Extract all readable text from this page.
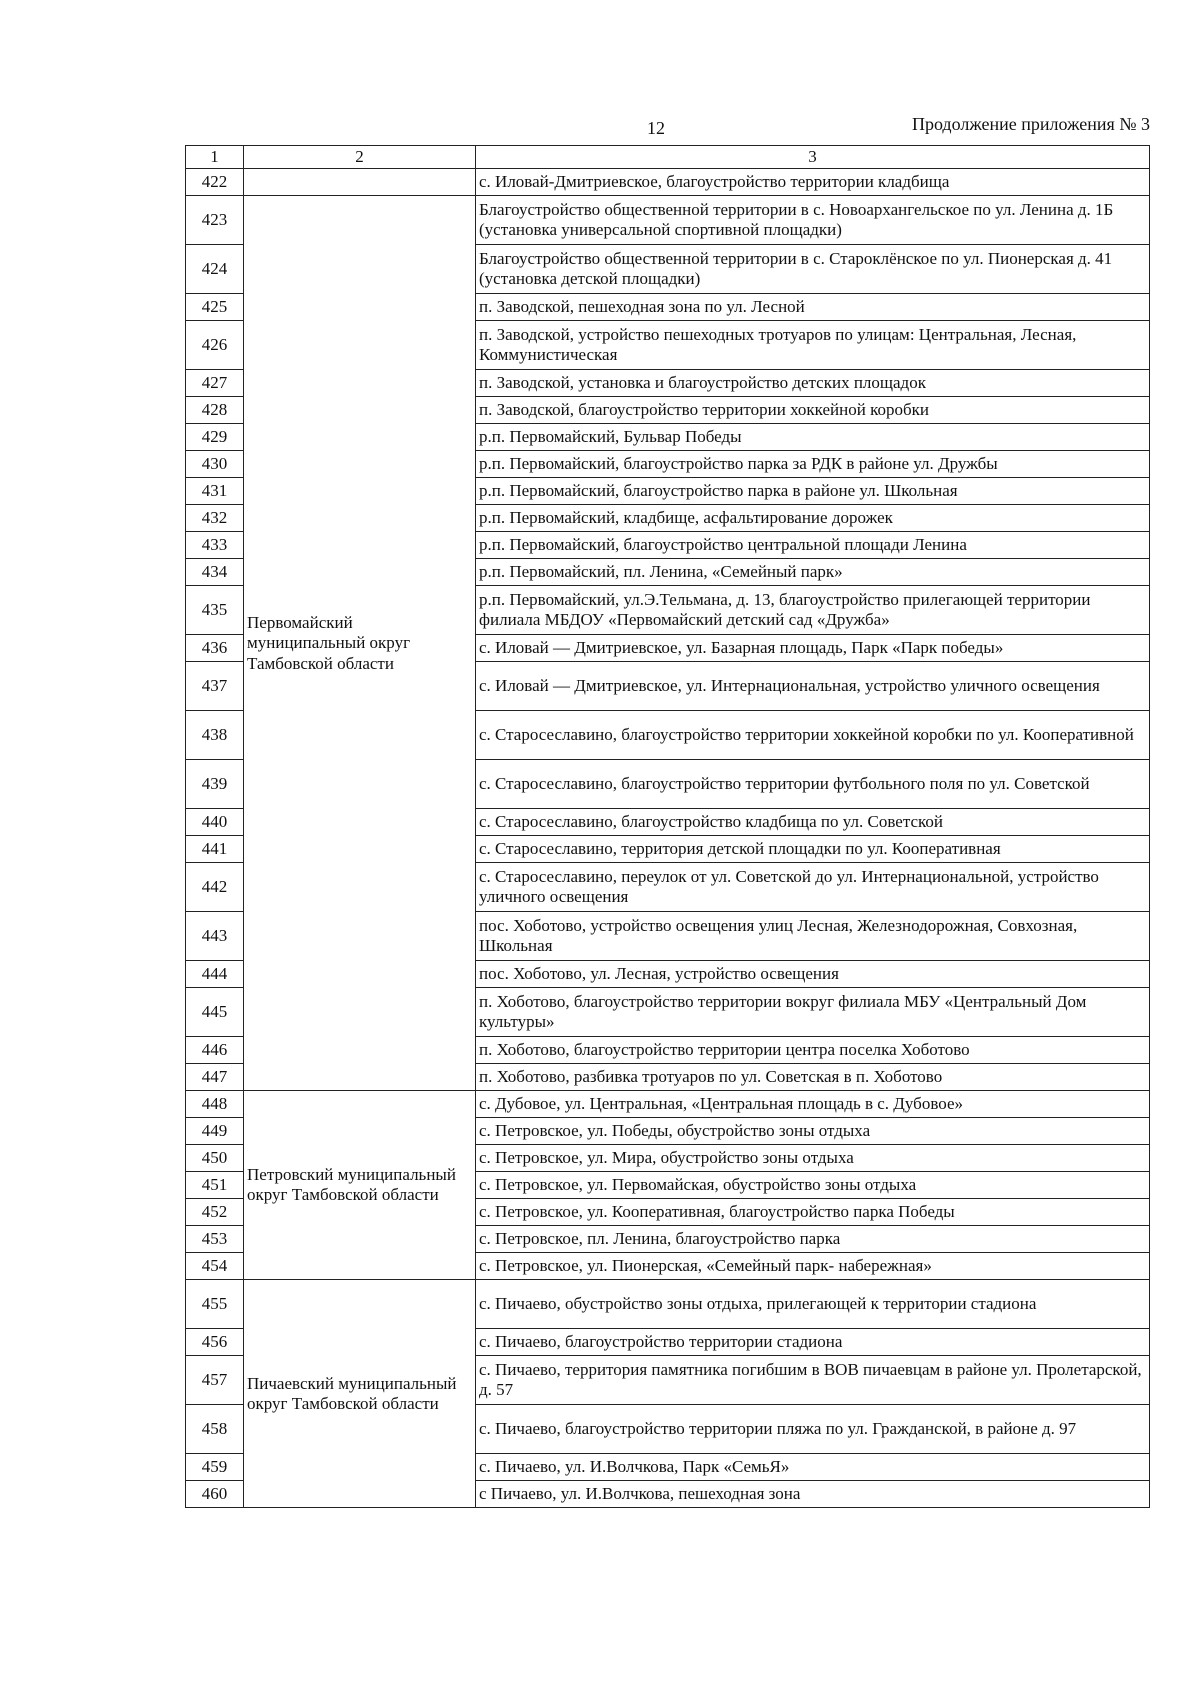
12	Продолжение приложения № 3
1	2	3
422		с. Иловай-Дмитриевское, благоустройство территории кладбища
423	Первомайский муниципальный округ Тамбовской области	Благоустройство общественной территории в с. Новоархангельское по ул. Ленина д. 1Б (установка универсальной спортивной площадки)
424		Благоустройство общественной территории в с. Староклёнское по ул. Пионерская д. 41 (установка детской площадки)
425		п. Заводской, пешеходная зона по ул. Лесной
426		п. Заводской, устройство пешеходных тротуаров по улицам: Центральная, Лесная, Коммунистическая
427		п. Заводской, установка и благоустройство детских площадок
428		п. Заводской, благоустройство территории хоккейной коробки
429		р.п. Первомайский, Бульвар Победы
430		р.п. Первомайский, благоустройство парка за РДК в районе ул. Дружбы
431		р.п. Первомайский, благоустройство парка в районе ул. Школьная
432		р.п. Первомайский, кладбище, асфальтирование дорожек
433		р.п. Первомайский, благоустройство центральной площади Ленина
434		р.п. Первомайский, пл. Ленина, «Семейный парк»
435		р.п. Первомайский, ул.Э.Тельмана, д. 13, благоустройство прилегающей территории филиала МБДОУ «Первомайский детский сад «Дружба»
436		с. Иловай — Дмитриевское, ул. Базарная площадь, Парк «Парк победы»
437		с. Иловай — Дмитриевское, ул. Интернациональная, устройство уличного освещения
438		с. Старосеславино, благоустройство территории хоккейной коробки по ул. Кооперативной
439		с. Старосеславино, благоустройство территории футбольного поля по ул. Советской
440		с. Старосеславино, благоустройство кладбища по ул. Советской
441		с. Старосеславино, территория детской площадки по ул. Кооперативная
442		с. Старосеславино, переулок от ул. Советской до ул. Интернациональной, устройство уличного освещения
443		пос. Хоботово, устройство освещения улиц Лесная, Железнодорожная, Совхозная, Школьная
444		пос. Хоботово, ул. Лесная, устройство освещения
445		п. Хоботово, благоустройство территории вокруг филиала МБУ «Центральный Дом культуры»
446		п. Хоботово, благоустройство территории центра поселка Хоботово
447		п. Хоботово, разбивка тротуаров по ул. Советская в п. Хоботово
448	Петровский муниципальный округ Тамбовской области	с. Дубовое, ул. Центральная, «Центральная площадь в с. Дубовое»
449		с. Петровское, ул. Победы, обустройство зоны отдыха
450		с. Петровское, ул. Мира, обустройство зоны отдыха
451		с. Петровское, ул. Первомайская, обустройство зоны отдыха
452		с. Петровское, ул. Кооперативная, благоустройство парка Победы
453		с. Петровское, пл. Ленина, благоустройство парка
454		с. Петровское, ул. Пионерская, «Семейный парк- набережная»
455	Пичаевский муниципальный округ Тамбовской области	с. Пичаево, обустройство зоны отдыха, прилегающей к территории стадиона
456		с. Пичаево, благоустройство территории стадиона
457		с. Пичаево, территория памятника погибшим в ВОВ пичаевцам в районе ул. Пролетарской, д. 57
458		с. Пичаево, благоустройство территории пляжа по ул. Гражданской, в районе д. 97
459		с. Пичаево, ул. И.Волчкова, Парк «СемьЯ»
460		с Пичаево, ул. И.Волчкова, пешеходная зона
